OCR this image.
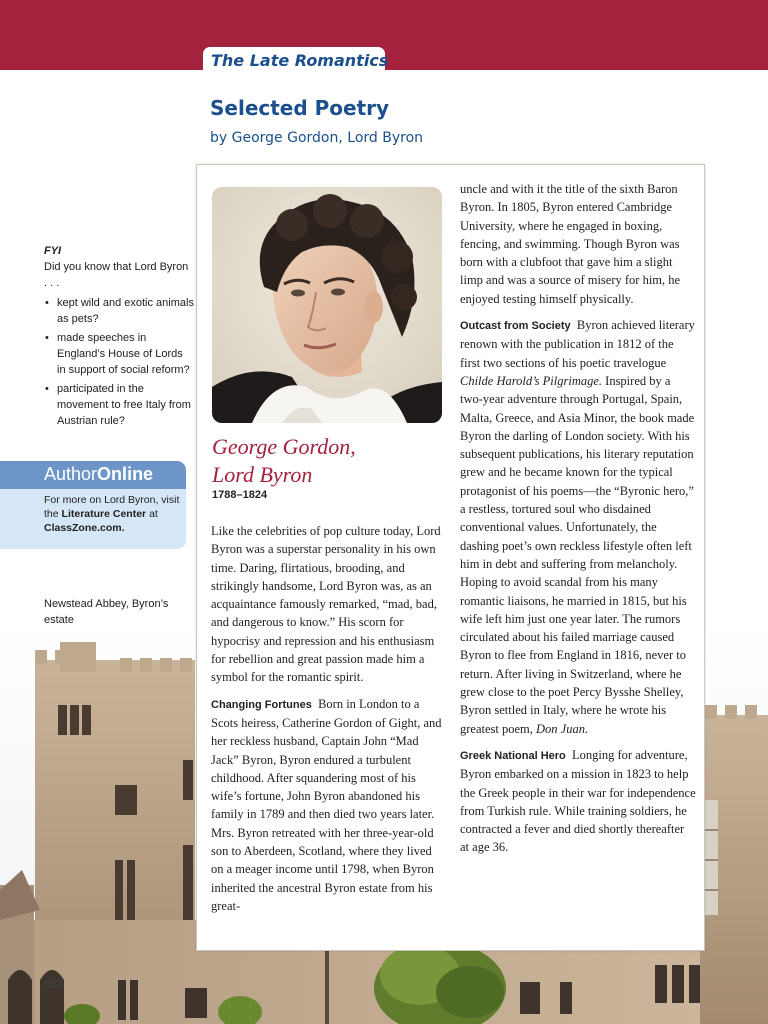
The Late Romantics
Selected Poetry
by George Gordon, Lord Byron
FYI
Did you know that Lord Byron . . .
• kept wild and exotic animals as pets?
• made speeches in England’s House of Lords in support of social reform?
• participated in the movement to free Italy from Austrian rule?
AuthorOnline
For more on Lord Byron, visit the Literature Center at ClassZone.com.
Newstead Abbey, Byron’s estate
832
George Gordon,
Lord Byron
1788–1824

Like the celebrities of pop culture today, Lord Byron was a superstar personality in his own time. Daring, flirtatious, brooding, and strikingly handsome, Lord Byron was, as an acquaintance famously remarked, “mad, bad, and dangerous to know.” His scorn for hypocrisy and repression and his enthusiasm for rebellion and great passion made him a symbol for the romantic spirit.

Changing Fortunes Born in London to a Scots heiress, Catherine Gordon of Gight, and her reckless husband, Captain John “Mad Jack” Byron, Byron endured a turbulent childhood. After squandering most of his wife’s fortune, John Byron abandoned his family in 1789 and then died two years later. Mrs. Byron retreated with her three-year-old son to Aberdeen, Scotland, where they lived on a meager income until 1798, when Byron inherited the ancestral Byron estate from his great-

uncle and with it the title of the sixth Baron Byron. In 1805, Byron entered Cambridge University, where he engaged in boxing, fencing, and swimming. Though Byron was born with a clubfoot that gave him a slight limp and was a source of misery for him, he enjoyed testing himself physically.

Outcast from Society Byron achieved literary renown with the publication in 1812 of the first two sections of his poetic travelogue Childe Harold’s Pilgrimage. Inspired by a two-year adventure through Portugal, Spain, Malta, Greece, and Asia Minor, the book made Byron the darling of London society. With his subsequent publications, his literary reputation grew and he became known for the typical protagonist of his poems—the “Byronic hero,” a restless, tortured soul who disdained conventional values. Unfortunately, the dashing poet’s own reckless lifestyle often left him in debt and suffering from melancholy. Hoping to avoid scandal from his many romantic liaisons, he married in 1815, but his wife left him just one year later. The rumors circulated about his failed marriage caused Byron to flee from England in 1816, never to return. After living in Switzerland, where he grew close to the poet Percy Bysshe Shelley, Byron settled in Italy, where he wrote his greatest poem, Don Juan.

Greek National Hero Longing for adventure, Byron embarked on a mission in 1823 to help the Greek people in their war for independence from Turkish rule. While training soldiers, he contracted a fever and died shortly thereafter at age 36.
